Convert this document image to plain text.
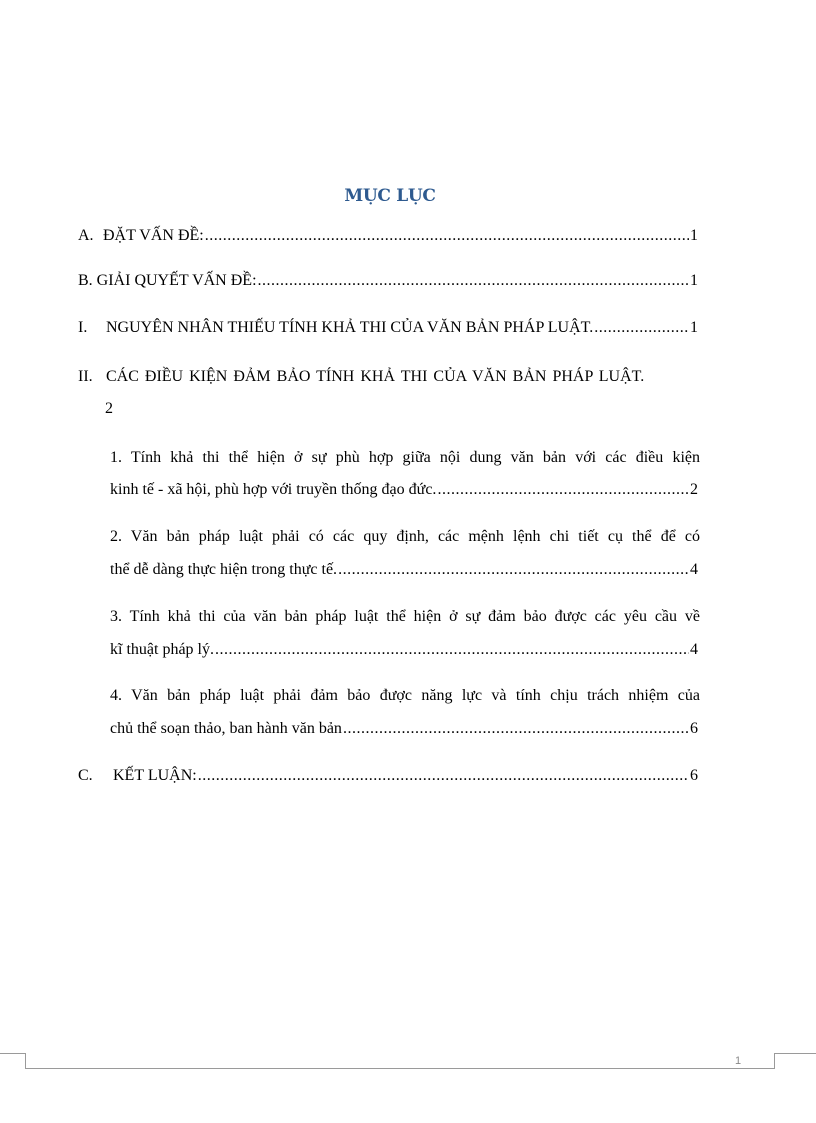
MỤC LỤC
A. ĐẶT VẤN ĐỀ: .....	1
B. GIẢI QUYẾT VẤN ĐỀ: .....	1
I. NGUYÊN NHÂN THIẾU TÍNH KHẢ THI CỦA VĂN BẢN PHÁP LUẬT. .....	1
II. CÁC ĐIỀU KIỆN ĐẢM BẢO TÍNH KHẢ THI CỦA VĂN BẢN PHÁP LUẬT.
2
1. Tính khả thi thể hiện ở sự phù hợp giữa nội dung văn bản với các điều kiện
kinh tế - xã hội, phù hợp với truyền thống đạo đức. .....	2
2. Văn bản pháp luật phải có các quy định, các mệnh lệnh chi tiết cụ thể để có
thể dễ dàng thực hiện trong thực tế. .....	4
3. Tính khả thi của văn bản pháp luật thể hiện ở sự đảm bảo được các yêu cầu về
kĩ thuật pháp lý. .....	4
4. Văn bản pháp luật phải đảm bảo được năng lực và tính chịu trách nhiệm của
chủ thể soạn thảo, ban hành văn bản .....	6
C. KẾT LUẬN: .....	6
1
